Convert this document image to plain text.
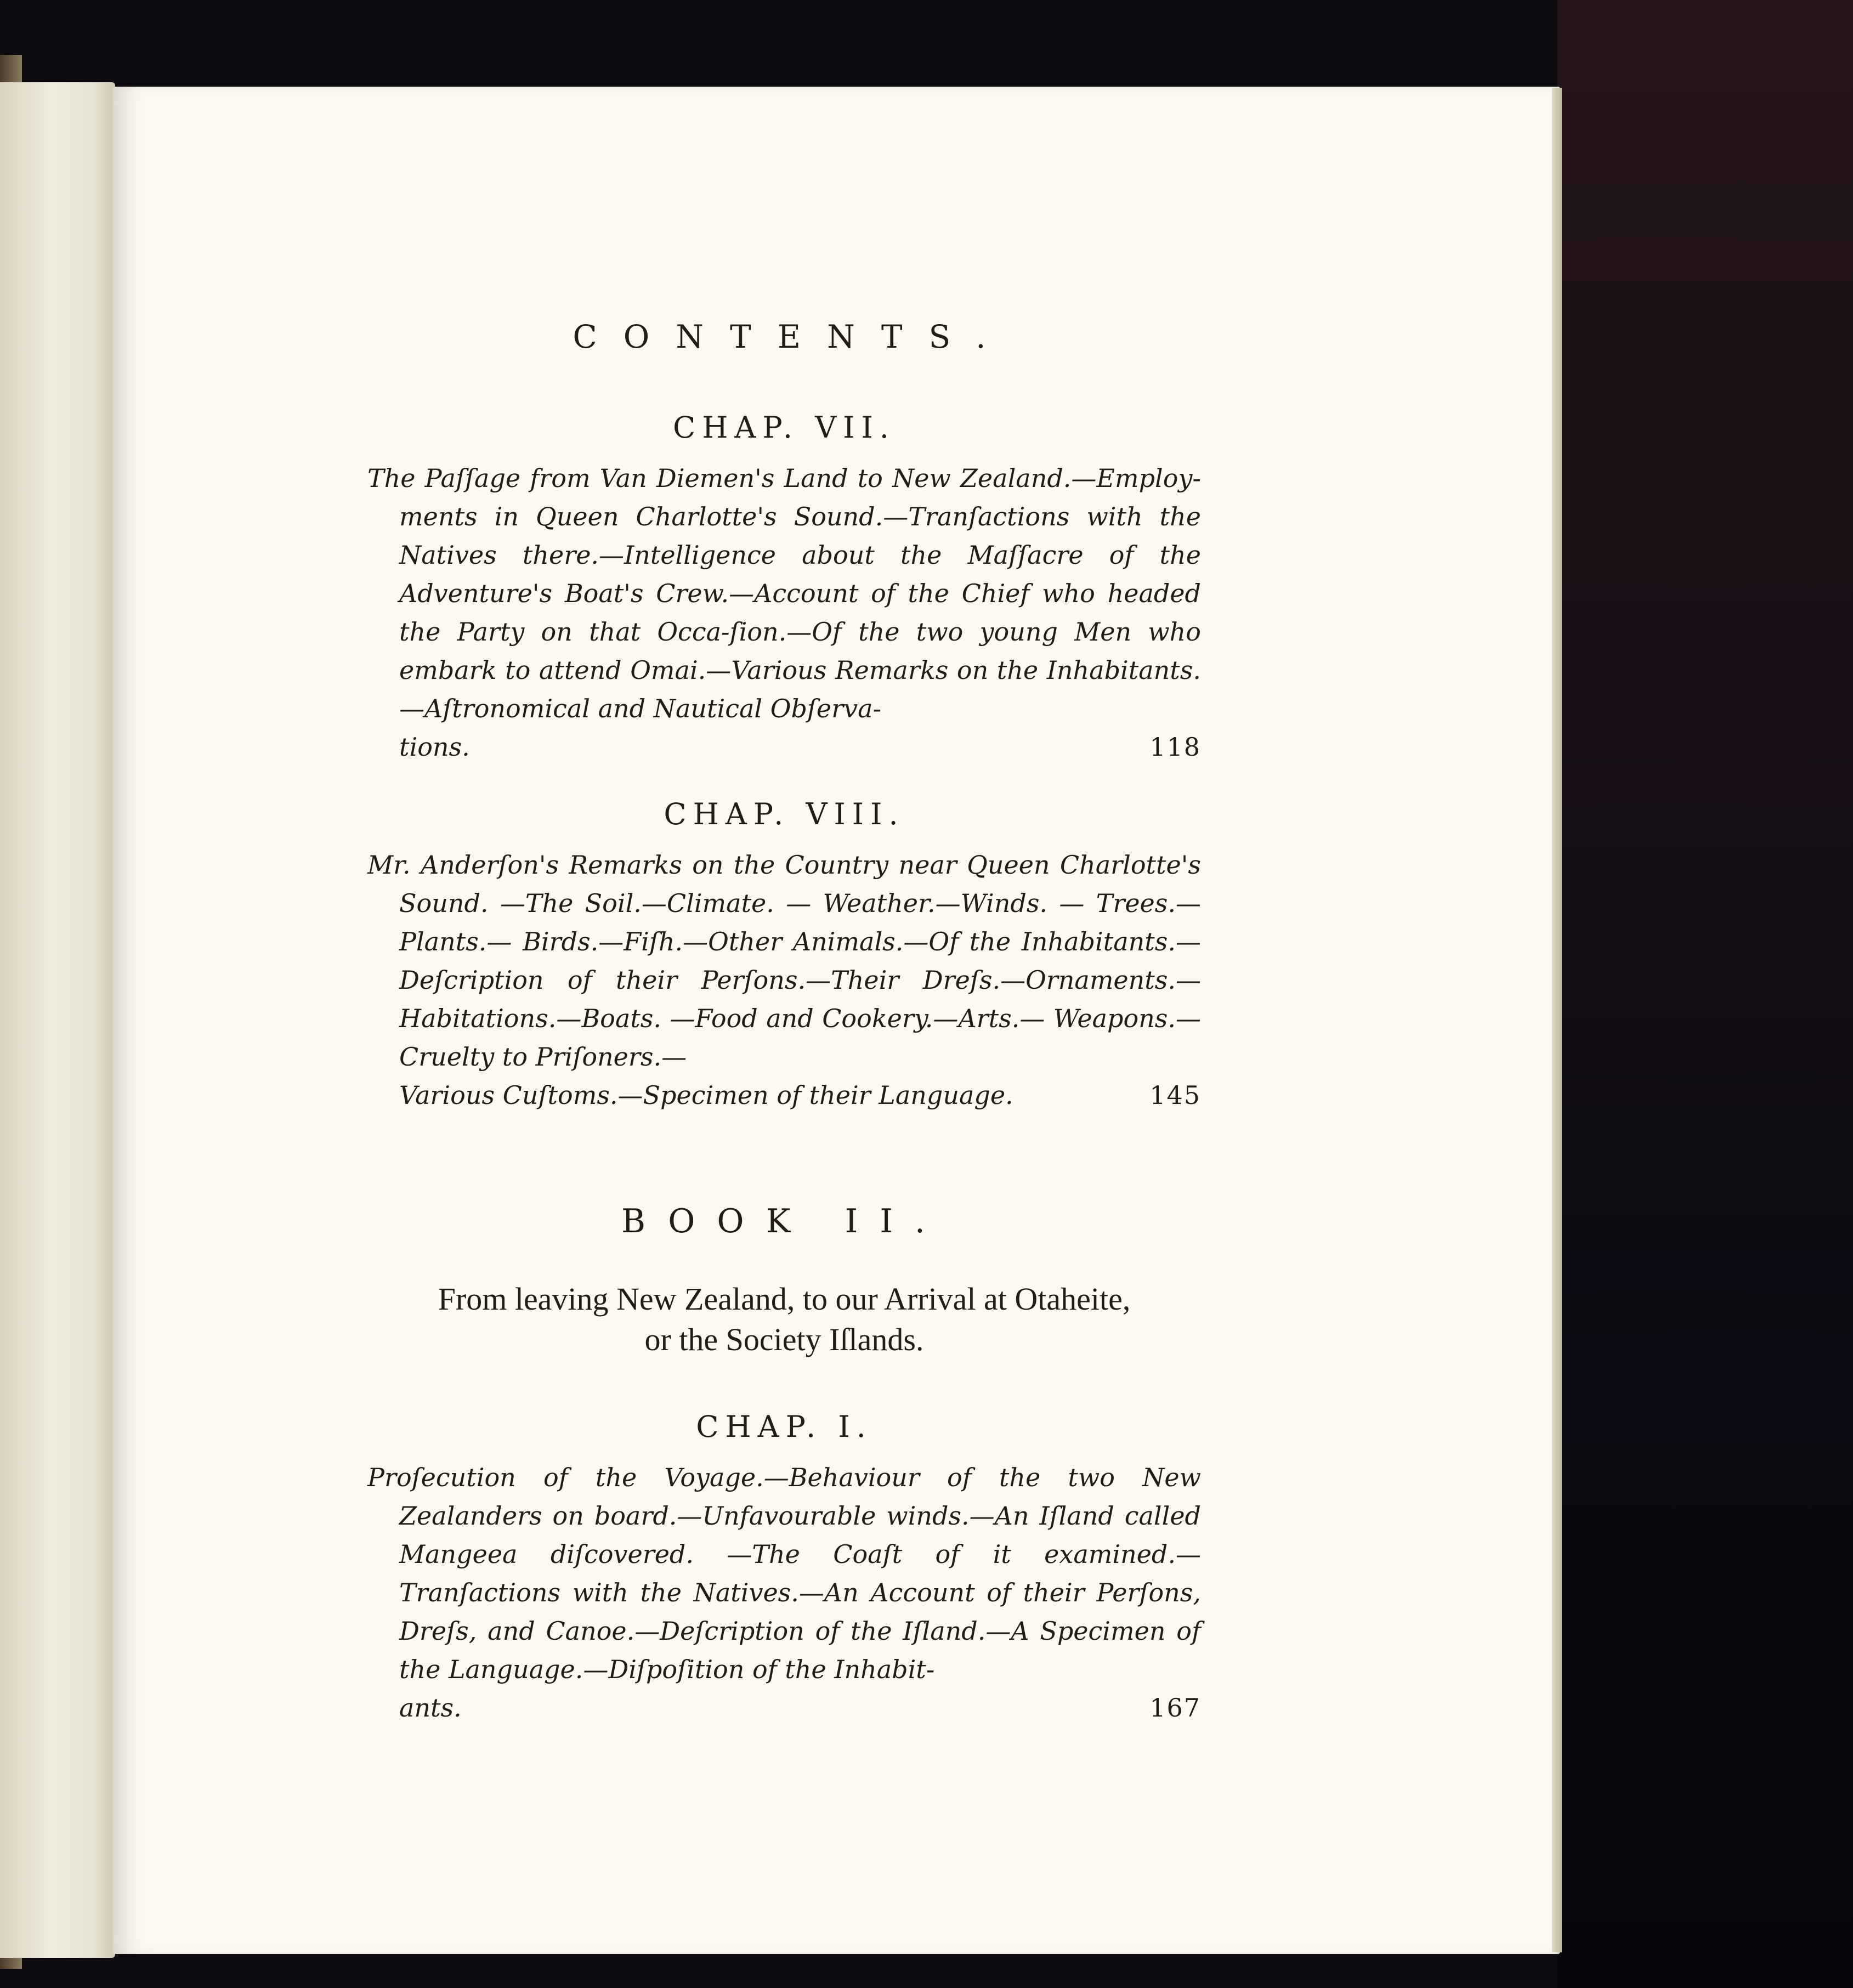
CONTENTS.
CHAP. VII.

The Paſſage from Van Diemen's Land to New Zealand.—Employ-ments in Queen Charlotte's Sound.—Tranſactions with the Natives there.—Intelligence about the Maſſacre of the Adventure's Boat's Crew.—Account of the Chief who headed the Party on that Occa-ſion.—Of the two young Men who embark to attend Omai.—Various Remarks on the Inhabitants.—Aſtronomical and Nautical Obſerva-

tions.	118

CHAP. VIII.

Mr. Anderſon's Remarks on the Country near Queen Charlotte's Sound. —The Soil.—Climate. — Weather.—Winds. — Trees.—Plants.— Birds.—Fiſh.—Other Animals.—Of the Inhabitants.—Deſcription of their Perſons.—Their Dreſs.—Ornaments.—Habitations.—Boats. —Food and Cookery.—Arts.— Weapons.—Cruelty to Priſoners.—

Various Cuſtoms.—Specimen of their Language.	145

BOOK II.

From leaving New Zealand, to our Arrival at Otaheite,
or the Society Iſlands.

CHAP. I.

Proſecution of the Voyage.—Behaviour of the two New Zealanders on board.—Unfavourable winds.—An Iſland called Mangeea diſcovered. —The Coaſt of it examined.—Tranſactions with the Natives.—An Account of their Perſons, Dreſs, and Canoe.—Deſcription of the Iſland.—A Specimen of the Language.—Diſpoſition of the Inhabit-

ants.	167
